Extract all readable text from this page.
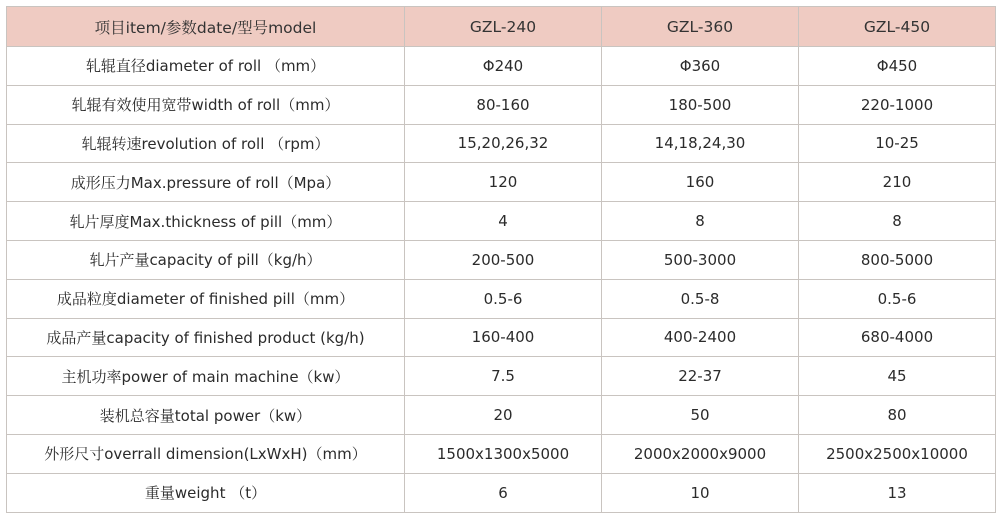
项目item/参数date/型号model	GZL-240	GZL-360	GZL-450
轧辊直径diameter of roll （mm）	Φ240	Φ360	Φ450
轧辊有效使用宽带width of roll（mm）	80-160	180-500	220-1000
轧辊转速revolution of roll （rpm）	15,20,26,32	14,18,24,30	10-25
成形压力Max.pressure of roll（Mpa）	120	160	210
轧片厚度Max.thickness of pill（mm）	4	8	8
轧片产量capacity of pill（kg/h）	200-500	500-3000	800-5000
成品粒度diameter of finished pill（mm）	0.5-6	0.5-8	0.5-6
成品产量capacity of finished product (kg/h)	160-400	400-2400	680-4000
主机功率power of main machine（kw）	7.5	22-37	45
装机总容量total power（kw）	20	50	80
外形尺寸overrall dimension(LxWxH)（mm）	1500x1300x5000	2000x2000x9000	2500x2500x10000
重量weight （t）	6	10	13
